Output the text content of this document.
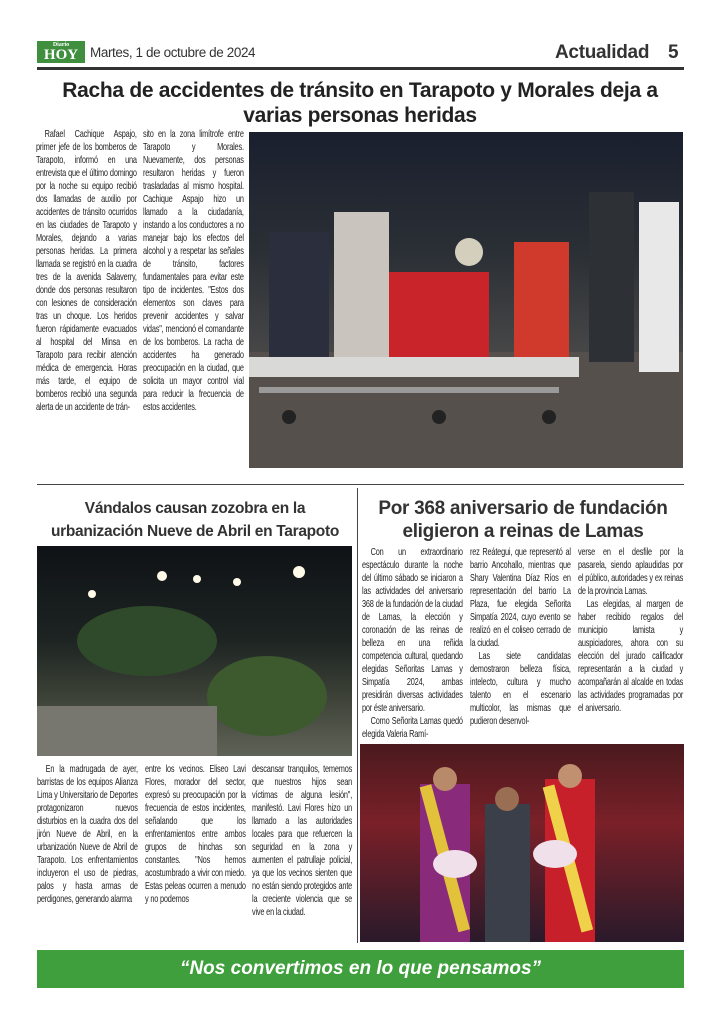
Diario
HOY Martes, 1 de octubre de 2024	Actualidad 5
Racha de accidentes de tránsito en Tarapoto y Morales deja a varias personas heridas
Rafael Cachique Aspajo, primer jefe de los bomberos de Tarapoto, informó en una entrevista que el último domingo por la noche su equipo recibió dos llamadas de auxilio por accidentes de tránsito ocurridos en las ciudades de Tarapoto y Morales, dejando a varias personas heridas. La primera llamada se registró en la cuadra tres de la avenida Salaverry, donde dos personas resultaron con lesiones de consideración tras un choque. Los heridos fueron rápidamente evacuados al hospital del Minsa en Tarapoto para recibir atención médica de emergencia. Horas más tarde, el equipo de bomberos recibió una segunda alerta de un accidente de trán-
sito en la zona limítrofe entre Tarapoto y Morales. Nuevamente, dos personas resultaron heridas y fueron trasladadas al mismo hospital. Cachique Aspajo hizo un llamado a la ciudadanía, instando a los conductores a no manejar bajo los efectos del alcohol y a respetar las señales de tránsito, factores fundamentales para evitar este tipo de incidentes. "Estos dos elementos son claves para prevenir accidentes y salvar vidas", mencionó el comandante de los bomberos. La racha de accidentes ha generado preocupación en la ciudad, que solicita un mayor control vial para reducir la frecuencia de estos accidentes.
Vándalos causan zozobra en la urbanización Nueve de Abril en Tarapoto
En la madrugada de ayer, barristas de los equipos Alianza Lima y Universitario de Deportes protagonizaron nuevos disturbios en la cuadra dos del jirón Nueve de Abril, en la urbanización Nueve de Abril de Tarapoto. Los enfrentamientos incluyeron el uso de piedras, palos y hasta armas de perdigones, generando alarma
entre los vecinos. Eliseo Lavi Flores, morador del sector, expresó su preocupación por la frecuencia de estos incidentes, señalando que los enfrentamientos entre ambos grupos de hinchas son constantes. "Nos hemos acostumbrado a vivir con miedo. Estas peleas ocurren a menudo y no podemos
descansar tranquilos, tememos que nuestros hijos sean víctimas de alguna lesión", manifestó. Lavi Flores hizo un llamado a las autoridades locales para que refuercen la seguridad en la zona y aumenten el patrullaje policial, ya que los vecinos sienten que no están siendo protegidos ante la creciente violencia que se vive en la ciudad.
Por 368 aniversario de fundación eligieron a reinas de Lamas
Con un extraordinario espectáculo durante la noche del último sábado se iniciaron a las actividades del aniversario 368 de la fundación de la ciudad de Lamas, la elección y coronación de las reinas de belleza en una reñida competencia cultural, quedando elegidas Señoritas Lamas y Simpatía 2024, ambas presidirán diversas actividades por éste aniversario.
Como Señorita Lamas quedó elegida Valeria Ramí-
rez Reátegui, que representó al barrio Ancohallo, mientras que Shary Valentina Díaz Ríos en representación del barrio La Plaza, fue elegida Señorita Simpatía 2024, cuyo evento se realizó en el coliseo cerrado de la ciudad.
Las siete candidatas demostraron belleza física, intelecto, cultura y mucho talento en el escenario multicolor, las mismas que pudieron desenvol-
verse en el desfile por la pasarela, siendo aplaudidas por el público, autoridades y ex reinas de la provincia Lamas.
Las elegidas, al margen de haber recibido regalos del municipio lamista y auspiciadores, ahora con su elección del jurado calificador representarán a la ciudad y acompañarán al alcalde en todas las actividades programadas por el aniversario.
“Nos convertimos en lo que pensamos”
